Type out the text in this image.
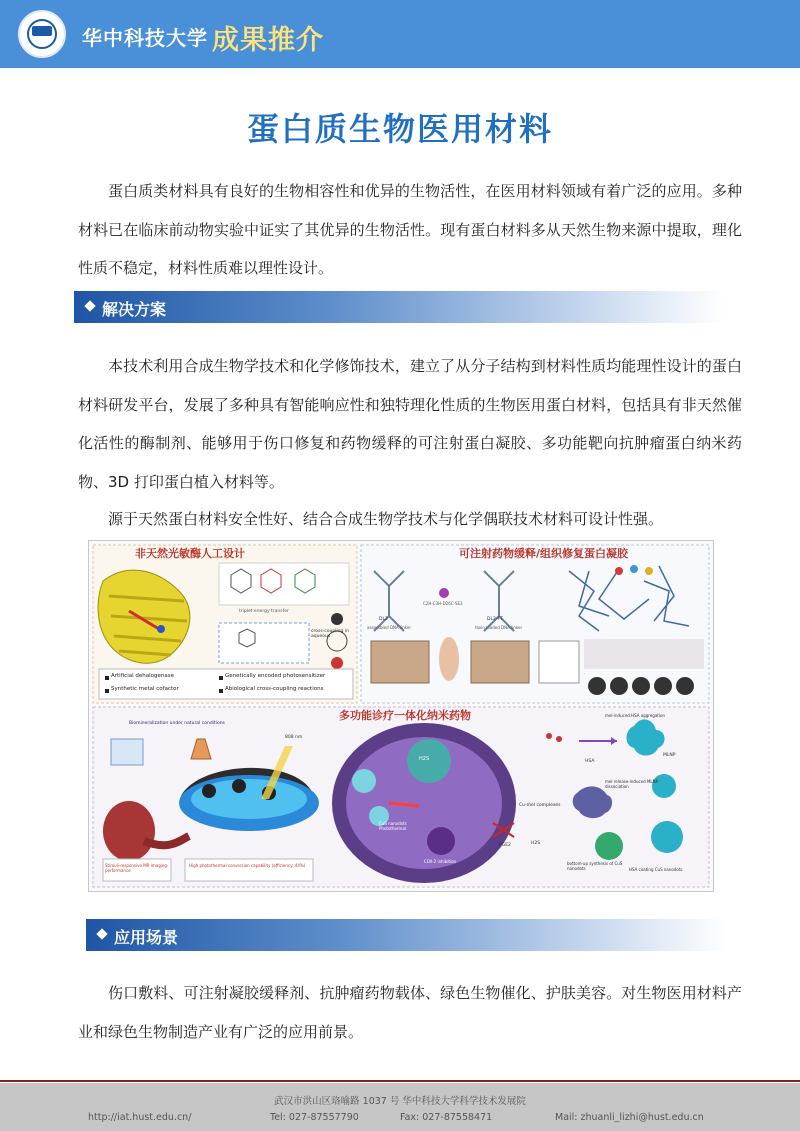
华中科技大学 成果推介
蛋白质生物医用材料
蛋白质类材料具有良好的生物相容性和优异的生物活性，在医用材料领域有着广泛的应用。多种材料已在临床前动物实验中证实了其优异的生物活性。现有蛋白材料多从天然生物来源中提取，理化性质不稳定，材料性质难以理性设计。
解决方案
本技术利用合成生物学技术和化学修饰技术，建立了从分子结构到材料性质均能理性设计的蛋白材料研发平台，发展了多种具有智能响应性和独特理化性质的生物医用蛋白材料，包括具有非天然催化活性的酶制剂、能够用于伤口修复和药物缓释的可注射蛋白凝胶、多功能靶向抗肿瘤蛋白纳米药物、3D 打印蛋白植入材料等。
源于天然蛋白材料安全性好、结合合成生物学技术与化学偶联技术材料可设计性强。
非天然光敏酶人工设计	可注射药物缓释/组织修复蛋白凝胶
多功能诊疗一体化纳米药物
Artificial dehalogenase	Genetically encoded photosensitizer
Synthetic metal cofactor	Abiological cross-coupling reactions
triplet energy transfer
cross-coupling in aqueous
DL2	DL2-FT
assembled DNA linker	toxin loaded DNA linker
C2H-C3H-D26C-SE3
Biomineralization under natural conditions
Stimuli-responsive MR imaging-performance
High photothermal conversion capability (efficiency: 44%)
808 nm
CuS nanodots Photothermal
COX-2 inhibition
PGE2
H2S
H2S
HSA
MLNP
mel-induced HSA aggregation
mel release-induced MLNP dissociation
Cu-mel complexes
bottom-up synthesis of CuS nanodots	HSA coating CuS nanodots
应用场景
伤口敷料、可注射凝胶缓释剂、抗肿瘤药物载体、绿色生物催化、护肤美容。对生物医用材料产业和绿色生物制造产业有广泛的应用前景。
武汉市洪山区珞喻路 1037 号 华中科技大学科学技术发展院
http://iat.hust.edu.cn/	Tel: 027-87557790	Fax: 027-87558471	Mail: zhuanli_lizhi@hust.edu.cn
